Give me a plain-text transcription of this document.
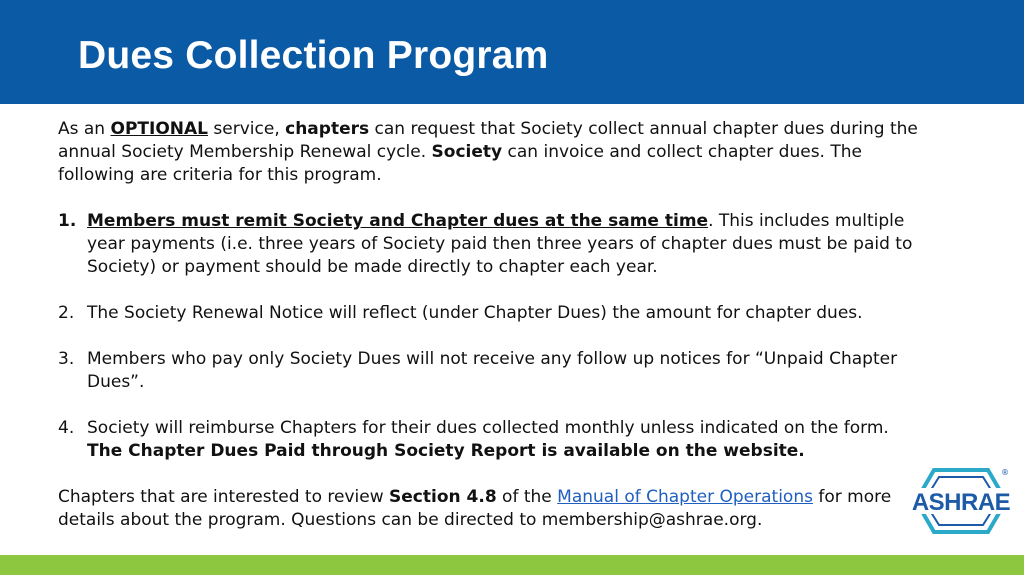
Dues Collection Program

As an OPTIONAL service, chapters can request that Society collect annual chapter dues during the annual Society Membership Renewal cycle. Society can invoice and collect chapter dues. The following are criteria for this program.

1. Members must remit Society and Chapter dues at the same time. This includes multiple year payments (i.e. three years of Society paid then three years of chapter dues must be paid to Society) or payment should be made directly to chapter each year.
2. The Society Renewal Notice will reflect (under Chapter Dues) the amount for chapter dues.
3. Members who pay only Society Dues will not receive any follow up notices for “Unpaid Chapter Dues”.
4. Society will reimburse Chapters for their dues collected monthly unless indicated on the form. The Chapter Dues Paid through Society Report is available on the website.

Chapters that are interested to review Section 4.8 of the Manual of Chapter Operations for more details about the program. Questions can be directed to membership@ashrae.org.

ASHRAE
®
